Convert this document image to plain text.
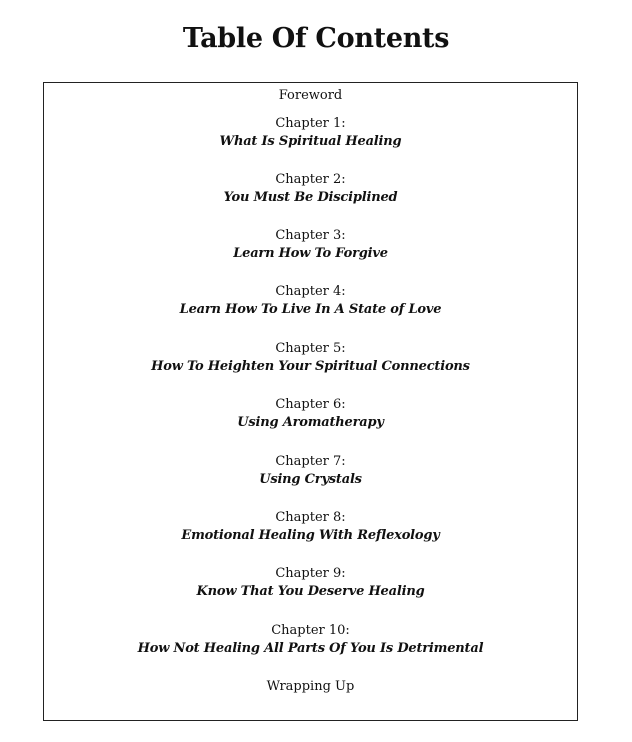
Table Of Contents
Foreword
Chapter 1:
What Is Spiritual Healing
Chapter 2:
You Must Be Disciplined
Chapter 3:
Learn How To Forgive
Chapter 4:
Learn How To Live In A State of Love
Chapter 5:
How To Heighten Your Spiritual Connections
Chapter 6:
Using Aromatherapy
Chapter 7:
Using Crystals
Chapter 8:
Emotional Healing With Reflexology
Chapter 9:
Know That You Deserve Healing
Chapter 10:
How Not Healing All Parts Of You Is Detrimental
Wrapping Up
